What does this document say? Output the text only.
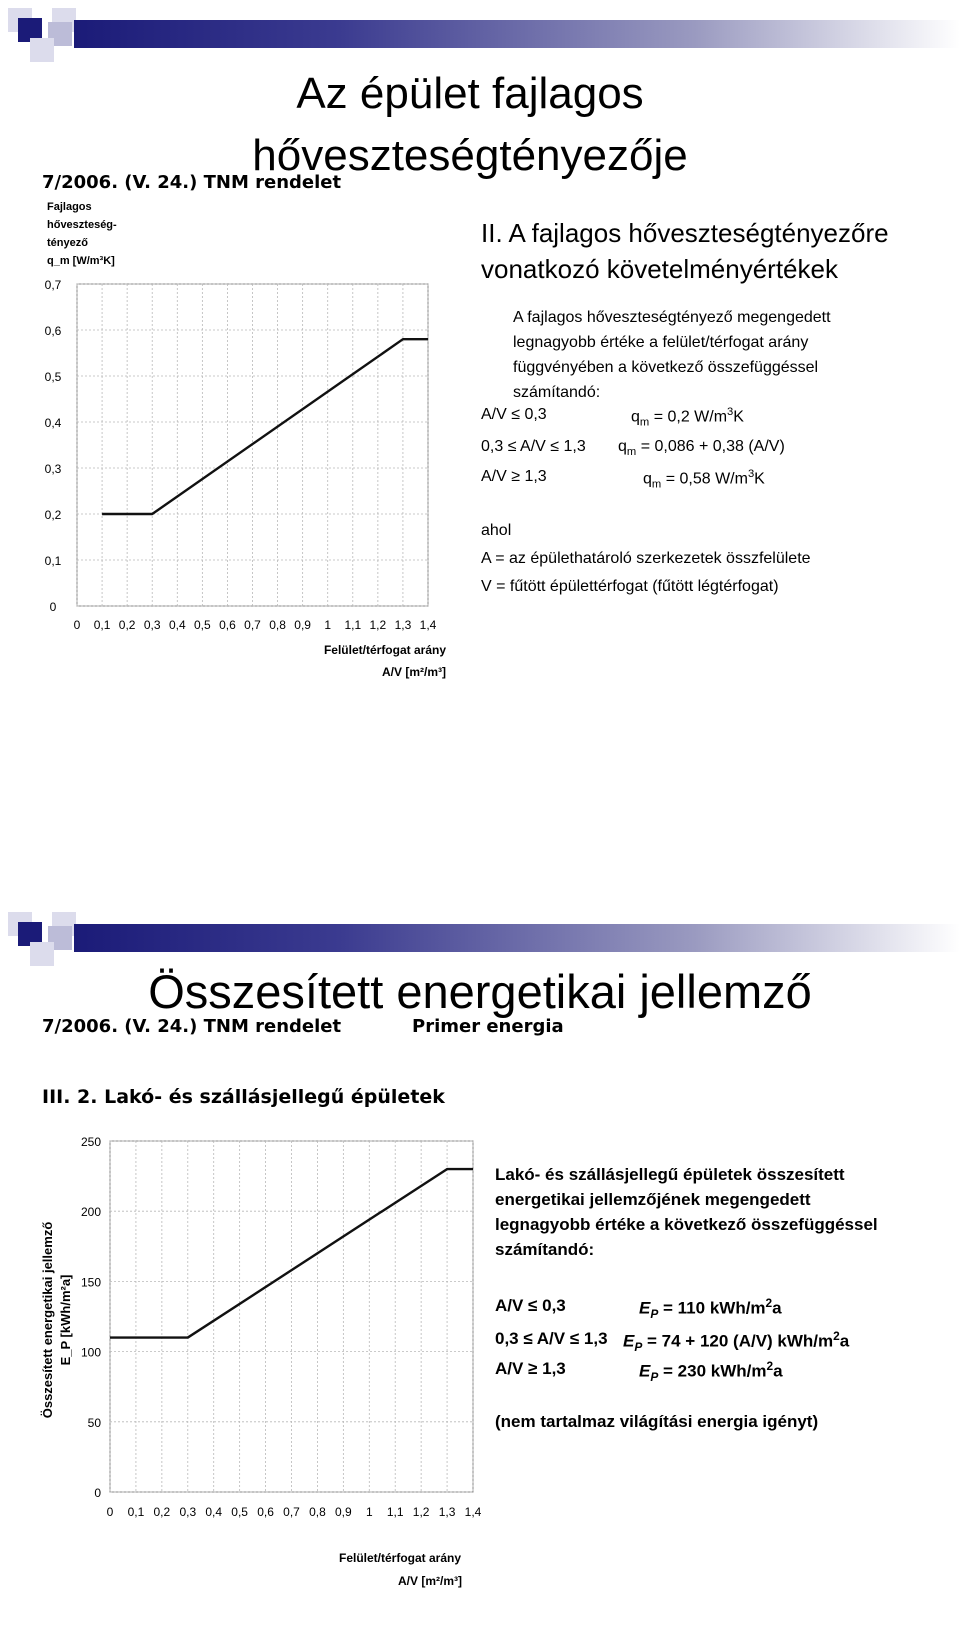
Az épület fajlagos
hőveszteségtényezője
7/2006. (V. 24.) TNM rendelet
0 0,1 0,2 0,3 0,4 0,5 0,6 0,7 0,8 0,9 1 1,1 1,2 1,3 1,4
0
0,1
0,2
0,3
0,4
0,5
0,6
0,7
Fajlagos
hőveszteség-
tényező
q_m [W/m³K]
Felület/térfogat arány
A/V [m²/m³]
II. A fajlagos hőveszteségtényezőre
vonatkozó követelményértékek
A fajlagos hőveszteségtényező megengedett
legnagyobb értéke a felület/térfogat arány
függvényében a következő összefüggéssel
számítandó:
A/V ≤ 0,3	$q_m = 0,2$ $W/m^3K$
0,3 ≤ A/V ≤ 1,3 $q_m = 0,086 + 0,38$ (A/V)
A/V ≥ 1,3	$q_m = 0,58$ $W/m^3K$
ahol
A = az épülethatároló szerkezetek összfelülete
V = fűtött épülettérfogat (fűtött légtérfogat)
Összesített energetikai jellemző
7/2006. (V. 24.) TNM rendelet	Primer energia
III. 2. Lakó- és szállásjellegű épületek
0 0,1 0,2 0,3 0,4 0,5 0,6 0,7 0,8 0,9 1 1,1 1,2 1,3 1,4
0
50
100
150
200
250
Összesített energetikai jellemző E_P [kWh/m²a]
Felület/térfogat arány
A/V [m²/m³]
Lakó- és szállásjellegű épületek összesített
energetikai jellemzőjének megengedett
legnagyobb értéke a következő összefüggéssel
számítandó:
A/V ≤ 0,3	$E_P = 110$ kWh/$m^2a$
0,3 ≤ A/V ≤ 1,3 $E_P = 74 + 120$ (A/V) kWh/$m^2a$
A/V ≥ 1,3	$E_P = 230$ kWh/$m^2a$
(nem tartalmaz világítási energia igényt)
